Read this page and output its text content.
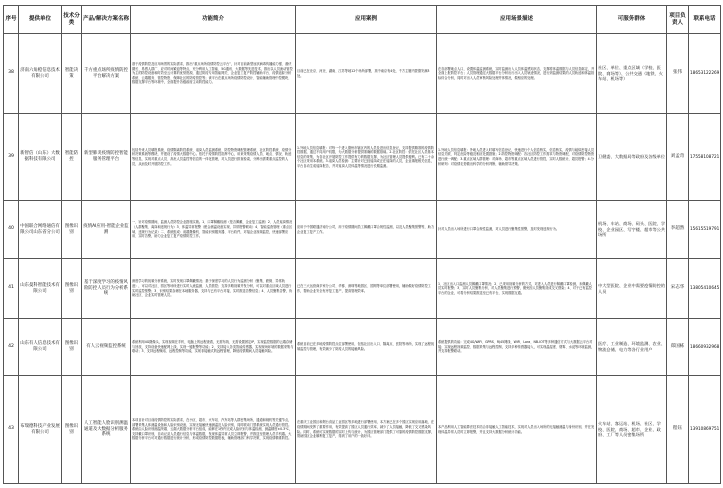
序号	提供单位	技术分类	产品/解决方案名称	功能简介	应用案例	应用场景描述	可服务群体	项目负责人	联系电话
38	济南六角橙信息技术有限公司	智能决策	千方重点场所疫情防控平台解决方案	基于疫情防控及应用场景的实际需求，推出“重点场所疫情防控云平台”，针对目前新型冠状病毒传播能力强、潜伏期长、易感人群广、应对时间紧迫等特点，充分利用人工智能、5G通讯、大数据等先进技术，推出以人员流动管控为主的防控设备和时效至云计算的优势资源，通过防疫专用智能网关、企业复工复产防控辅助平台、疫情追踪分析系统、云端服务、管控物资、保障社区的防疫管控等；该平台在重点场所疫情防控设计、智能辅助管理中控模块、数据支撑平台等环境中，全面提升各级政府主动防控能力。	目前已在北京、河北、湖南、江苏等地12个场所部署，其中南京有4处，千方主履内蒙德安满3处。	在各部署地点人口，设置体温监测系统，实时监测出入人员体温感知状态，支撑将体温数据与人员信息绑定，并全面上报防控平台；人员管理通过大数据平台分析出行出入人员轨迹情况，进行到监测结果的人员轨迹和体温指标综合分析，同时对出入人员审核风险处理并体情况，做相应的处理。	社区、单位、重点区域（学校、医院、商场等）、公共交通（地铁、火车站、机场等）	张伟	18653122269
39	新智信（山东）大数据科技有限公司	智能防控	新型肺炎疫情防控智能服务管理平台	包括外来人员填报系统、疫情隔离防控系统、返岗人员监测系统、防控物资调配管理系统、社区防控系统、疫情分析决策系统等模块，并建设了疫情大数据中心。依托于疫情防控指挥中心，用来采集疫情人员、地点、情况、轨迹等信息，实现对重点人员、高危人员监控等信息的一体化管理，对人员进行排查检索，分辨出需要重点监控的人员，从而及时开展防控工作。	1.外地人员信息填报：对每一个进入德州市辖区内的人员及进出信息登记，支持提供精准的疫情防控数据，通过不同用户权限，为大数据分析提供准确的数据基础。2.社区防控：依托社区人员基本信息的采集，为各社区开展防控工作提供有力的数据支撑，为社区管理人员提供便利。已有二十余个社区采用本系统。3.返岗人员检测：主要针对已经返岗或正在返岗的人员，企业填报相关信息，平台自动生成返岗报告，并对返岗人员体温等情况进行长期监测。	1.外地人员信息填报：外地人员进入时填写信息登记，快速进行个人信息核实，信息核实，疫情与疑似密接人员信息关联、判定危险等级及相应处置措施；2.防控物资调配：各社区防控工作需求与物资调配，对疫情防控物资进行统一调配；3.重点区域人群管理：对商场、超市等重点区域人员进行管控，实时人数统计，超员报警；4.分析研判：对疫情走势做出科学的分析判断，辅助领导决策。	卫健委、大数据局等政府及各级单位	刘孟奇	17558108721
40	中国联合网络通信有限公司山东省分公司	图像识别	疫情AI应用-智能企业监测	一、针对疫情期间，监测人员防控企业措施实施。1、口罩佩戴检测（是否佩戴、企业复工监测）2、人员返岗情况（人群聚集、离岗和违规行为）3、体温异常报警（配合测温设备实现，异常报警联动）4、智能巡查管理（重点区域、违规行为记录）二、系统组成：前端摄像机、智能识别服务器、平台软件，对接企业视频监控，快速部署应用、实时告警，助力企业复工复产疫情防控工作。	应用于中国联通济南分公司，用于疫情期间员工佩戴口罩合规性监测，以及人员聚集预警等，助力企业复工复产工作。	针对人员出入场所进行口罩合规性监测，对人员进行聚集性预警，及时发现违规行为。	机场、车站、商场、码头、医院、学校、企业园区、写字楼、超市等公共场所	李超然	15615519791
41	山东曼科智能技术有限公司	图像识别	基于深度学习的疫情风险防控人员行为分析系统	深度学习的视频分析系统，实时发现口罩佩戴情况；基于深度学习的人员行为监测分析（聚集、跌倒、异常轨迹），可以对社区、园区等场所进行实时人流监测、人员管控；支持多路视频并发分析，可以对重点区域人员进行实时监控预警；3、识别结果存储在本地服务器，支持与已有平台对接，实时推送告警信息；4、人员聚集告警，协助社区、企业实时管理人员。	已在三大运营商多家分公司、华都、深圳等地园区、国网等单位部署使用，辅助做好疫情防控工作，帮助企业安全有序复工复产，提高管理效率。	1、社区出入口监测人员佩戴口罩情况；2、已采用视频分析的方式，对进入人员进行佩戴口罩检测，未佩戴人员实时报警；3、实时人员聚集分析，对人员聚集进行预警，避免因人员聚集造成交叉感染；4、对于已有监控平台的企业，可将分析结果推送至已有平台，实现数据互通。	中大型医院、企业中需要疫情防控的人员	宋志华	13805410645
42	山东有人信息技术有限公司	图像识别	有人云视频监控系统	系统利用4G摄像头，实现视频在手机、电脑上的远程查看，无需布线、无需设置固定IP，实现监控数据的云端存储与回放，支持设备快速配网上线，实现一键报警等功能；2、支持接入各类智能传感器，实现现场环境的数据采集与联动；3、支持远程喊话、远程控制等功能，实现非接触式的远程管理，降低疫情期间人员接触风险。	系统目前已在多地疫情防控点位部署使用，包括社区出入口、隔离点、医院等场所，实现了远程视频监控与管理，有效减少了防疫人员的接触风险。	系统提供的功能：完成4G/WiFi、GPRS、RJ45网线、WiFi、Lora、NB-IOT等多种通信方式与大数据云平台对接；实现远程视频监控、数据采集与远程控制，支持多种传感器接入，可实现温湿度、烟雾、水浸等环境监测，并支持报警联动。	医疗、工业制造、环境监测、农业、物流仓储、电力等各行业用户	郑国栋	18660932968
43	布瑞德科技产业发展有限公司	图像识别	人工智能人脸识别测温通道及大数据分析服务系统	本项目针对目前疫情防控的实际需求，在小区、超市、火车站、汽车站等人群密集场所，通道和闸机等关键节点，部署采集人体测温设备和人脸识别设备，实现无接触快速测温及人脸识别，同时联动门禁系统实现人员通行管控。系统由人脸识别测温终端、云端大数据分析平台组成，能够在1秒内完成人脸识别与体温检测，测温精度±0.3℃，支持戴口罩识别，自动记录人员通行信息与体温数据，发现体温异常人员立即报警，并推送至管理人员手机端。大数据分析平台可对通行数据进行统计分析，形成疫情防控数据报表，辅助管理部门科学决策，实现疫情精准防控。	在重庆工业园区和烟台食品工业园区等多地进行部署使用，本方案已在多个园区实现应用落地，在疫情期间发挥了重要作用，有效提高了园区人员通行效率，减少了人员接触，降低了交叉感染风险。同时，系统可实现数据的实时上传与统计，为园区管理部门提供了可靠的疫情防控数据支撑，帮助园区企业顺利复工复产，得到了用户的一致好评。	本产品利用人工智能算法技术结合非接触人工智能技术，实现对人员出入场所的无接触测温与身份识别，并在发现体温异常人员时立即报警，并且支持大数据分析统计功能。	火车站、客运站、机场、社区、学校、医院、商场、超市、企业、政府、工厂等人员密集场所	程钰	13910869751
